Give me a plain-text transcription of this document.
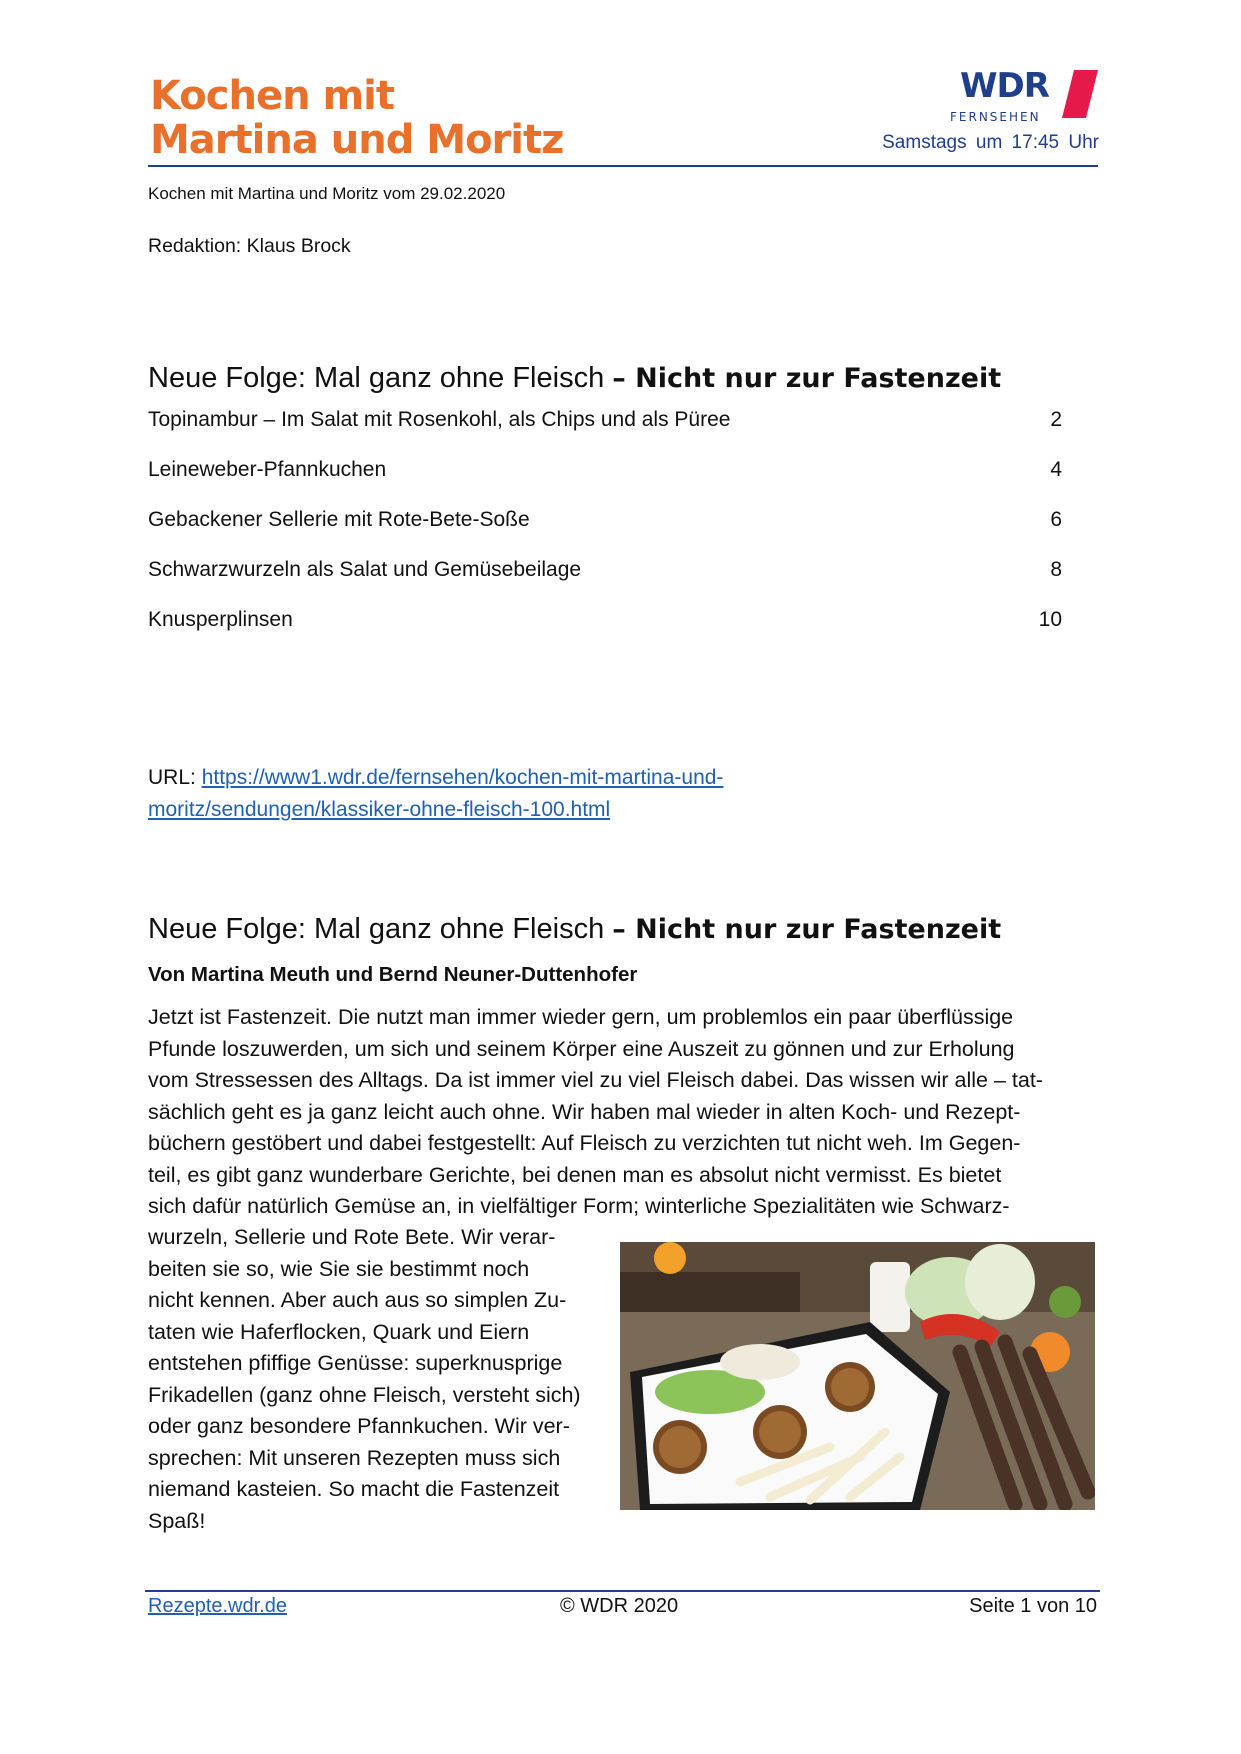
Kochen mit
Martina und Moritz
WDR
FERNSEHEN
Samstags um 17:45 Uhr
Kochen mit Martina und Moritz vom 29.02.2020
Redaktion: Klaus Brock
Neue Folge: Mal ganz ohne Fleisch – Nicht nur zur Fastenzeit
Topinambur – Im Salat mit Rosenkohl, als Chips und als Püree	2
Leineweber-Pfannkuchen	4
Gebackener Sellerie mit Rote-Bete-Soße	6
Schwarzwurzeln als Salat und Gemüsebeilage	8
Knusperplinsen	10
URL: https://www1.wdr.de/fernsehen/kochen-mit-martina-und-
moritz/sendungen/klassiker-ohne-fleisch-100.html
Neue Folge: Mal ganz ohne Fleisch – Nicht nur zur Fastenzeit
Von Martina Meuth und Bernd Neuner-Duttenhofer
Jetzt ist Fastenzeit. Die nutzt man immer wieder gern, um problemlos ein paar überflüssige
Pfunde loszuwerden, um sich und seinem Körper eine Auszeit zu gönnen und zur Erholung
vom Stressessen des Alltags. Da ist immer viel zu viel Fleisch dabei. Das wissen wir alle – tat-
sächlich geht es ja ganz leicht auch ohne. Wir haben mal wieder in alten Koch- und Rezept-
büchern gestöbert und dabei festgestellt: Auf Fleisch zu verzichten tut nicht weh. Im Gegen-
teil, es gibt ganz wunderbare Gerichte, bei denen man es absolut nicht vermisst. Es bietet
sich dafür natürlich Gemüse an, in vielfältiger Form; winterliche Spezialitäten wie Schwarz-
wurzeln, Sellerie und Rote Bete. Wir verar-
beiten sie so, wie Sie sie bestimmt noch
nicht kennen. Aber auch aus so simplen Zu-
taten wie Haferflocken, Quark und Eiern
entstehen pfiffige Genüsse: superknusprige
Frikadellen (ganz ohne Fleisch, versteht sich)
oder ganz besondere Pfannkuchen. Wir ver-
sprechen: Mit unseren Rezepten muss sich
niemand kasteien. So macht die Fastenzeit
Spaß!
Rezepte.wdr.de	© WDR 2020	Seite 1 von 10
